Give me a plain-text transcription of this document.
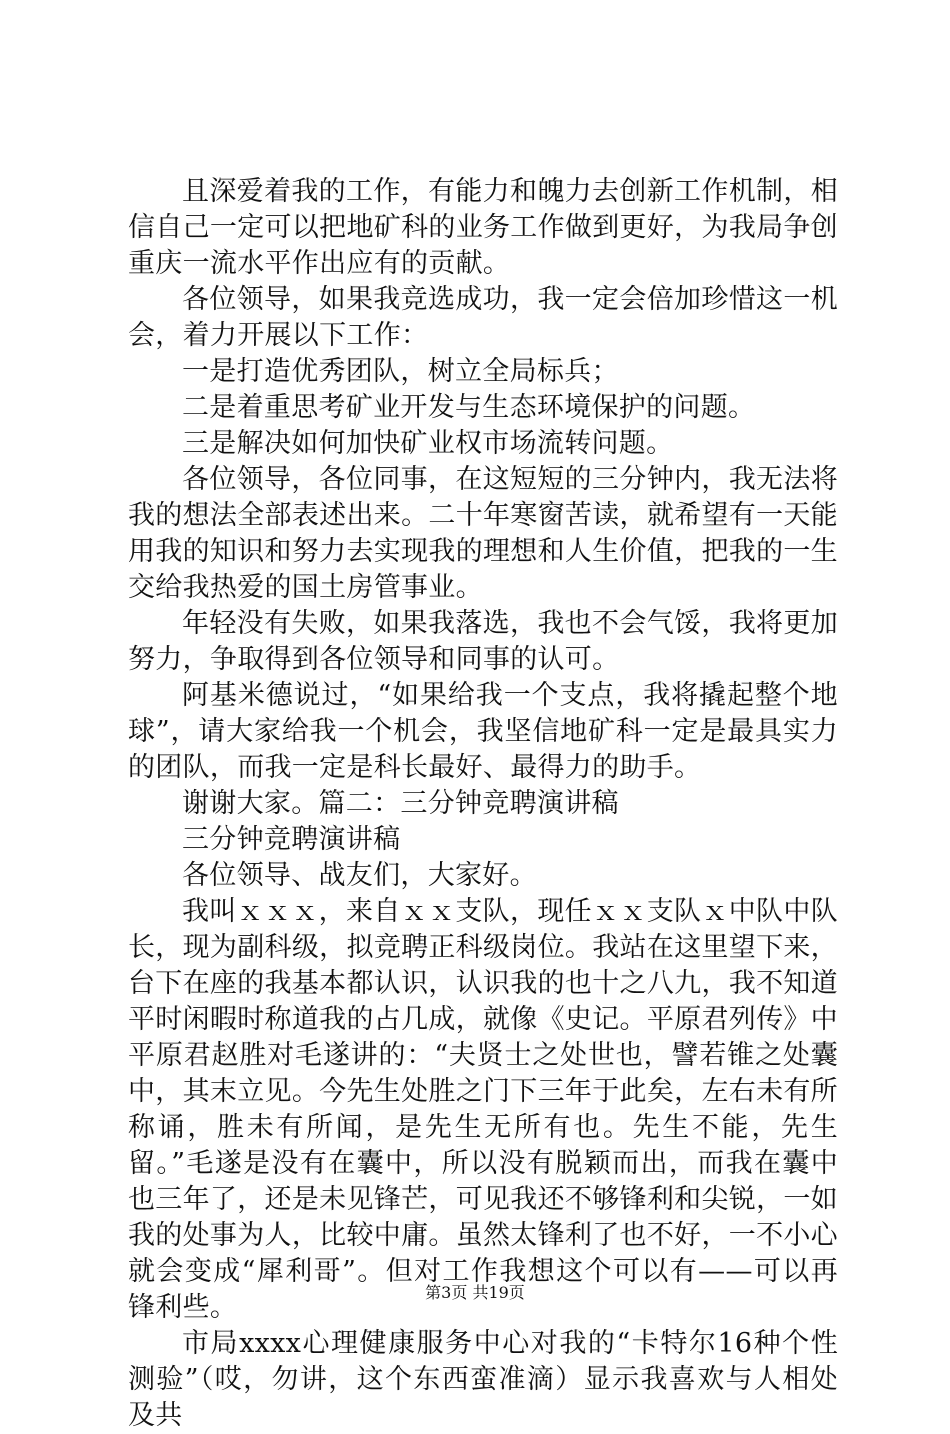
且深爱着我的工作，有能力和魄力去创新工作机制，相信自己一定可以把地矿科的业务工作做到更好，为我局争创重庆一流水平作出应有的贡献。

各位领导，如果我竞选成功，我一定会倍加珍惜这一机会，着力开展以下工作：

一是打造优秀团队，树立全局标兵；

二是着重思考矿业开发与生态环境保护的问题。

三是解决如何加快矿业权市场流转问题。

各位领导，各位同事，在这短短的三分钟内，我无法将我的想法全部表述出来。二十年寒窗苦读，就希望有一天能用我的知识和努力去实现我的理想和人生价值，把我的一生交给我热爱的国土房管事业。

年轻没有失败，如果我落选，我也不会气馁，我将更加努力，争取得到各位领导和同事的认可。

阿基米德说过，“如果给我一个支点，我将撬起整个地球”，请大家给我一个机会，我坚信地矿科一定是最具实力的团队，而我一定是科长最好、最得力的助手。

谢谢大家。篇二：三分钟竞聘演讲稿

三分钟竞聘演讲稿

各位领导、战友们，大家好。

我叫ｘｘｘ，来自ｘｘ支队，现任ｘｘ支队ｘ中队中队长，现为副科级，拟竞聘正科级岗位。我站在这里望下来，台下在座的我基本都认识，认识我的也十之八九，我不知道平时闲暇时称道我的占几成，就像《史记。平原君列传》中平原君赵胜对毛遂讲的：“夫贤士之处世也，譬若锥之处囊中，其末立见。今先生处胜之门下三年于此矣，左右未有所称诵，胜未有所闻，是先生无所有也。先生不能，先生留。”毛遂是没有在囊中，所以没有脱颖而出，而我在囊中也三年了，还是未见锋芒，可见我还不够锋利和尖锐，一如我的处事为人，比较中庸。虽然太锋利了也不好，一不小心就会变成“犀利哥”。但对工作我想这个可以有——可以再锋利些。

市局xxxx心理健康服务中心对我的“卡特尔16种个性测验”（哎，勿讲，这个东西蛮准滴）显示我喜欢与人相处及共

第3页 共19页
